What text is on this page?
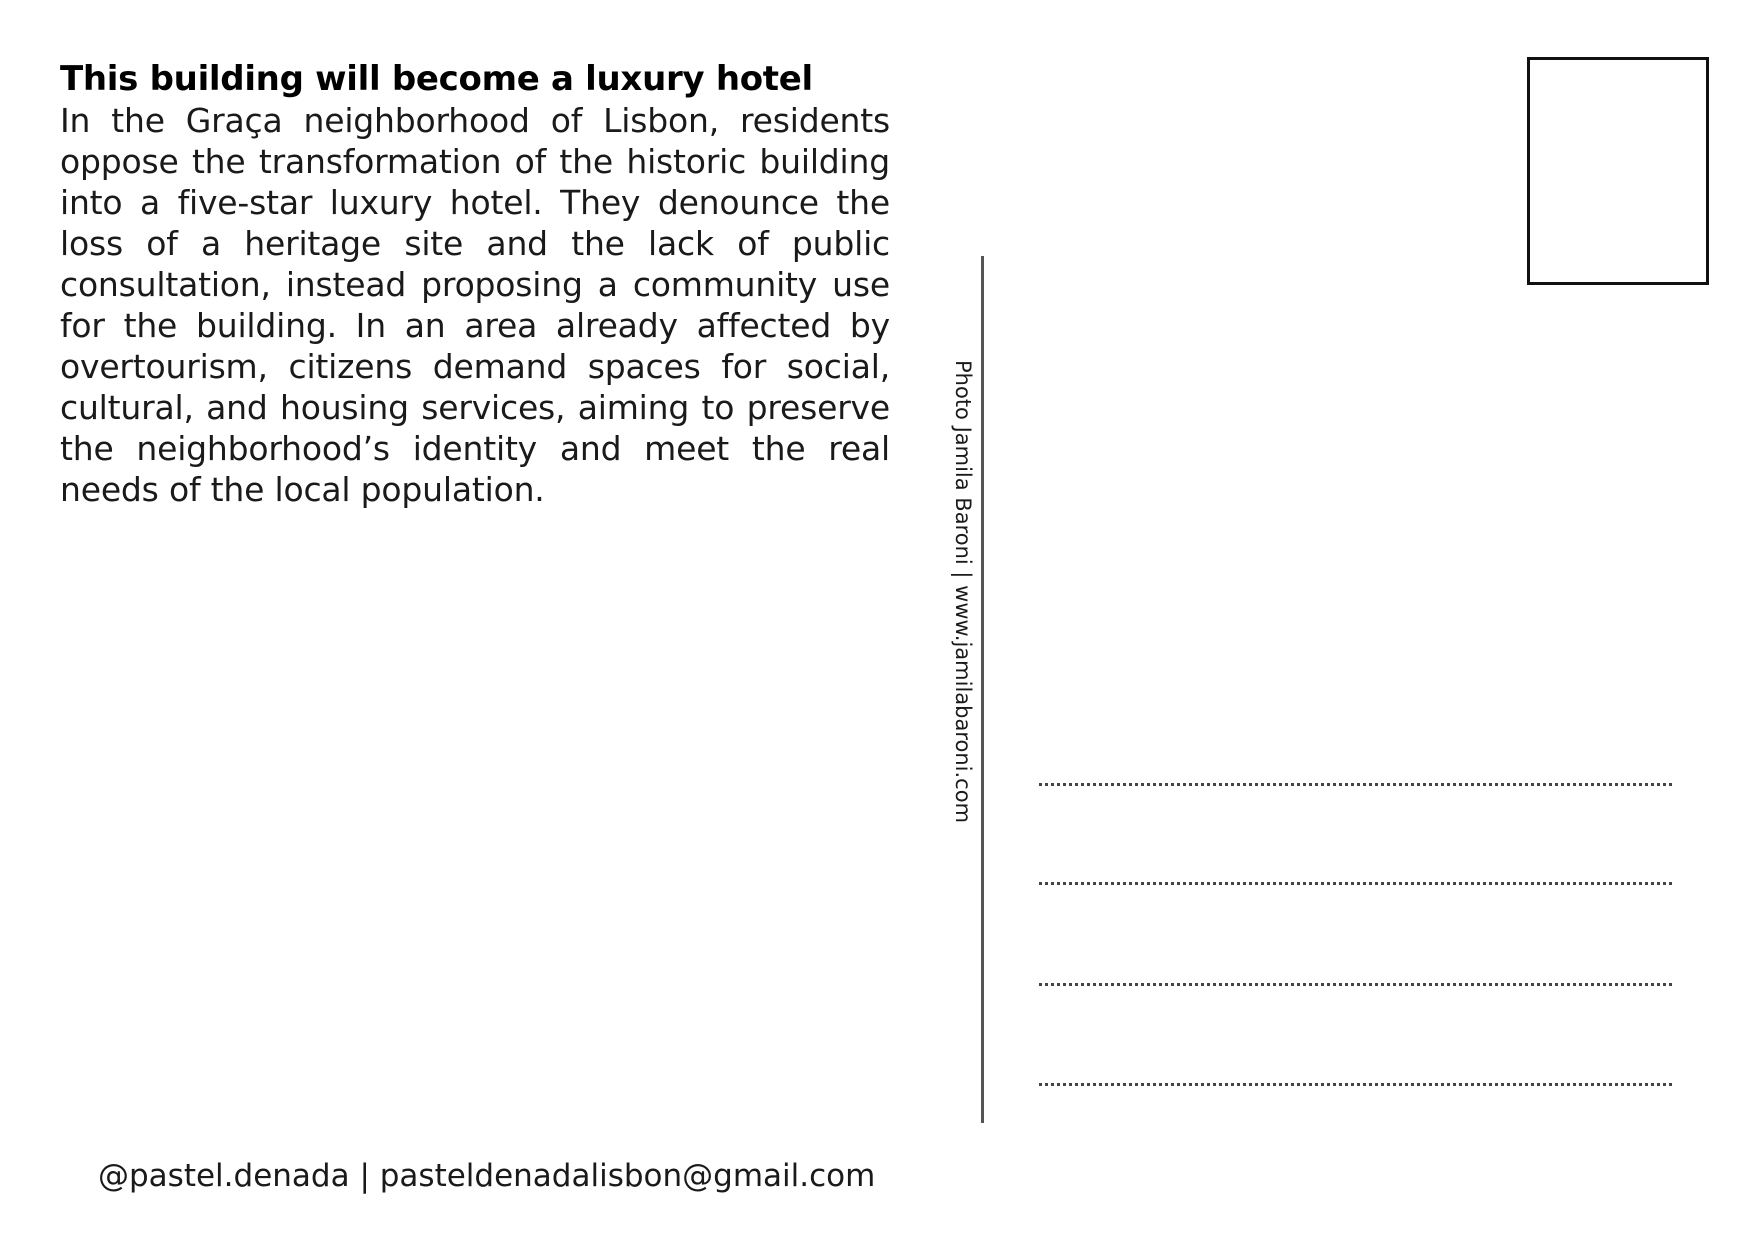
This building will become a luxury hotel

In the Graça neighborhood of Lisbon, residents oppose the transformation of the historic building into a five-star luxury hotel. They denounce the loss of a heritage site and the lack of public consultation, instead proposing a community use for the building. In an area already affected by overtourism, citizens demand spaces for social, cultural, and housing services, aiming to preserve the neighborhood’s identity and meet the real needs of the local population.	Photo Jamila Baroni | www.jamilabaroni.com
@pastel.denada | pasteldenadalisbon@gmail.com
